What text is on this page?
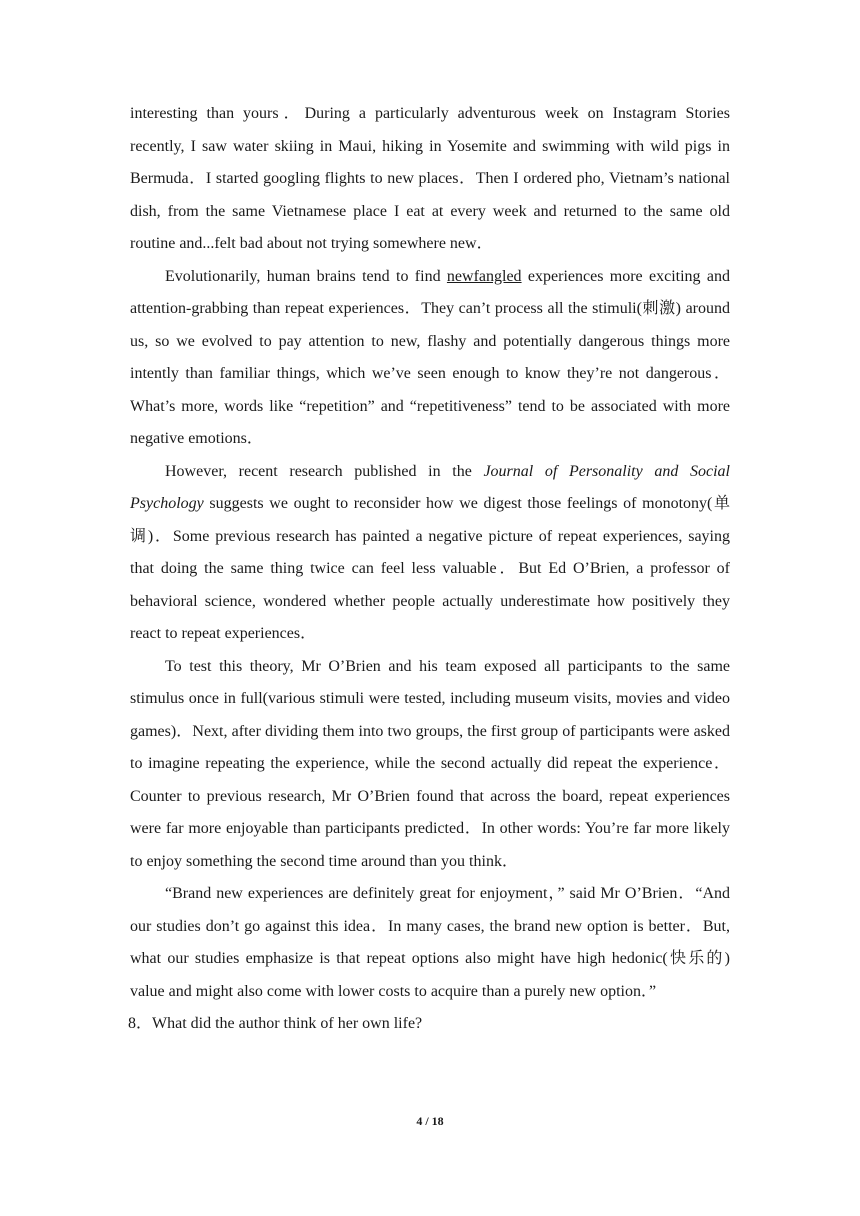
interesting than yours．During a particularly adventurous week on Instagram Stories recently, I saw water skiing in Maui, hiking in Yosemite and swimming with wild pigs in Bermuda．I started googling flights to new places．Then I ordered pho, Vietnam’s national dish, from the same Vietnamese place I eat at every week and returned to the same old routine and...felt bad about not trying somewhere new．

Evolutionarily, human brains tend to find newfangled experiences more exciting and attention-grabbing than repeat experiences．They can’t process all the stimuli(刺激) around us, so we evolved to pay attention to new, flashy and potentially dangerous things more intently than familiar things, which we’ve seen enough to know they’re not dangerous．What’s more, words like “repetition” and “repetitiveness” tend to be associated with more negative emotions．

However, recent research published in the Journal of Personality and Social Psychology suggests we ought to reconsider how we digest those feelings of monotony(单调)．Some previous research has painted a negative picture of repeat experiences, saying that doing the same thing twice can feel less valuable．But Ed O’Brien, a professor of behavioral science, wondered whether people actually underestimate how positively they react to repeat experiences．

To test this theory, Mr O’Brien and his team exposed all participants to the same stimulus once in full(various stimuli were tested, including museum visits, movies and video games)．Next, after dividing them into two groups, the first group of participants were asked to imagine repeating the experience, while the second actually did repeat the experience．Counter to previous research, Mr O’Brien found that across the board, repeat experiences were far more enjoyable than participants predicted．In other words: You’re far more likely to enjoy something the second time around than you think．

“Brand new experiences are definitely great for enjoyment，” said Mr O’Brien．“And our studies don’t go against this idea．In many cases, the brand new option is better．But, what our studies emphasize is that repeat options also might have high hedonic(快乐的) value and might also come with lower costs to acquire than a purely new option．”

8．What did the author think of her own life?

4 / 18
